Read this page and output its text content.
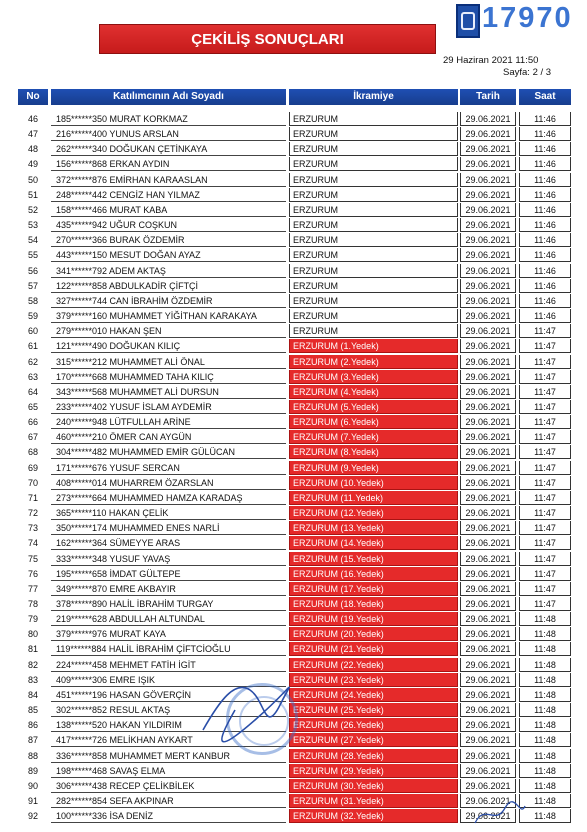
17970
ÇEKİLİŞ SONUÇLARI
29 Haziran 2021 11:50
Sayfa: 2 / 3
No	Katılımcının Adı Soyadı	İkramiye	Tarih	Saat
46	185******350 MURAT KORKMAZ	ERZURUM	29.06.2021	11:46
47	216******400 YUNUS ARSLAN	ERZURUM	29.06.2021	11:46
48	262******340 DOĞUKAN ÇETİNKAYA	ERZURUM	29.06.2021	11:46
49	156******868 ERKAN AYDIN	ERZURUM	29.06.2021	11:46
50	372******876 EMİRHAN KARAASLAN	ERZURUM	29.06.2021	11:46
51	248******442 CENGİZ HAN YILMAZ	ERZURUM	29.06.2021	11:46
52	158******466 MURAT KABA	ERZURUM	29.06.2021	11:46
53	435******942 UĞUR COŞKUN	ERZURUM	29.06.2021	11:46
54	270******366 BURAK ÖZDEMİR	ERZURUM	29.06.2021	11:46
55	443******150 MESUT DOĞAN AYAZ	ERZURUM	29.06.2021	11:46
56	341******792 ADEM AKTAŞ	ERZURUM	29.06.2021	11:46
57	122******858 ABDULKADİR ÇİFTÇİ	ERZURUM	29.06.2021	11:46
58	327******744 CAN İBRAHİM ÖZDEMİR	ERZURUM	29.06.2021	11:46
59	379******160 MUHAMMET YİĞİTHAN KARAKAYA	ERZURUM	29.06.2021	11:46
60	279******010 HAKAN ŞEN	ERZURUM	29.06.2021	11:47
61	121******490 DOĞUKAN KILIÇ	ERZURUM (1.Yedek)	29.06.2021	11:47
62	315******212 MUHAMMET ALİ ÖNAL	ERZURUM (2.Yedek)	29.06.2021	11:47
63	170******668 MUHAMMED TAHA KILIÇ	ERZURUM (3.Yedek)	29.06.2021	11:47
64	343******568 MUHAMMET ALİ DURSUN	ERZURUM (4.Yedek)	29.06.2021	11:47
65	233******402 YUSUF İSLAM AYDEMİR	ERZURUM (5.Yedek)	29.06.2021	11:47
66	240******948 LÜTFULLAH ARİNE	ERZURUM (6.Yedek)	29.06.2021	11:47
67	460******210 ÖMER CAN AYGÜN	ERZURUM (7.Yedek)	29.06.2021	11:47
68	304******482 MUHAMMED EMİR GÜLÜCAN	ERZURUM (8.Yedek)	29.06.2021	11:47
69	171******676 YUSUF SERCAN	ERZURUM (9.Yedek)	29.06.2021	11:47
70	408******014 MUHARREM ÖZARSLAN	ERZURUM (10.Yedek)	29.06.2021	11:47
71	273******664 MUHAMMED HAMZA KARADAŞ	ERZURUM (11.Yedek)	29.06.2021	11:47
72	365******110 HAKAN ÇELİK	ERZURUM (12.Yedek)	29.06.2021	11:47
73	350******174 MUHAMMED ENES NARLİ	ERZURUM (13.Yedek)	29.06.2021	11:47
74	162******364 SÜMEYYE ARAS	ERZURUM (14.Yedek)	29.06.2021	11:47
75	333******348 YUSUF YAVAŞ	ERZURUM (15.Yedek)	29.06.2021	11:47
76	195******658 İMDAT GÜLTEPE	ERZURUM (16.Yedek)	29.06.2021	11:47
77	349******870 EMRE AKBAYIR	ERZURUM (17.Yedek)	29.06.2021	11:47
78	378******890 HALİL İBRAHİM TURGAY	ERZURUM (18.Yedek)	29.06.2021	11:47
79	219******628 ABDULLAH ALTUNDAL	ERZURUM (19.Yedek)	29.06.2021	11:48
80	379******976 MURAT KAYA	ERZURUM (20.Yedek)	29.06.2021	11:48
81	119******884 HALİL İBRAHİM ÇİFTCİOĞLU	ERZURUM (21.Yedek)	29.06.2021	11:48
82	224******458 MEHMET FATİH İGİT	ERZURUM (22.Yedek)	29.06.2021	11:48
83	409******306 EMRE IŞIK	ERZURUM (23.Yedek)	29.06.2021	11:48
84	451******196 HASAN GÖVERÇİN	ERZURUM (24.Yedek)	29.06.2021	11:48
85	302******852 RESUL AKTAŞ	ERZURUM (25.Yedek)	29.06.2021	11:48
86	138******520 HAKAN YILDIRIM	ERZURUM (26.Yedek)	29.06.2021	11:48
87	417******726 MELİKHAN AYKART	ERZURUM (27.Yedek)	29.06.2021	11:48
88	336******858 MUHAMMET MERT KANBUR	ERZURUM (28.Yedek)	29.06.2021	11:48
89	198******468 SAVAŞ ELMA	ERZURUM (29.Yedek)	29.06.2021	11:48
90	306******438 RECEP ÇELİKBİLEK	ERZURUM (30.Yedek)	29.06.2021	11:48
91	282******854 SEFA AKPINAR	ERZURUM (31.Yedek)	29.06.2021	11:48
92	100******336 İSA DENİZ	ERZURUM (32.Yedek)	29.06.2021	11:48
